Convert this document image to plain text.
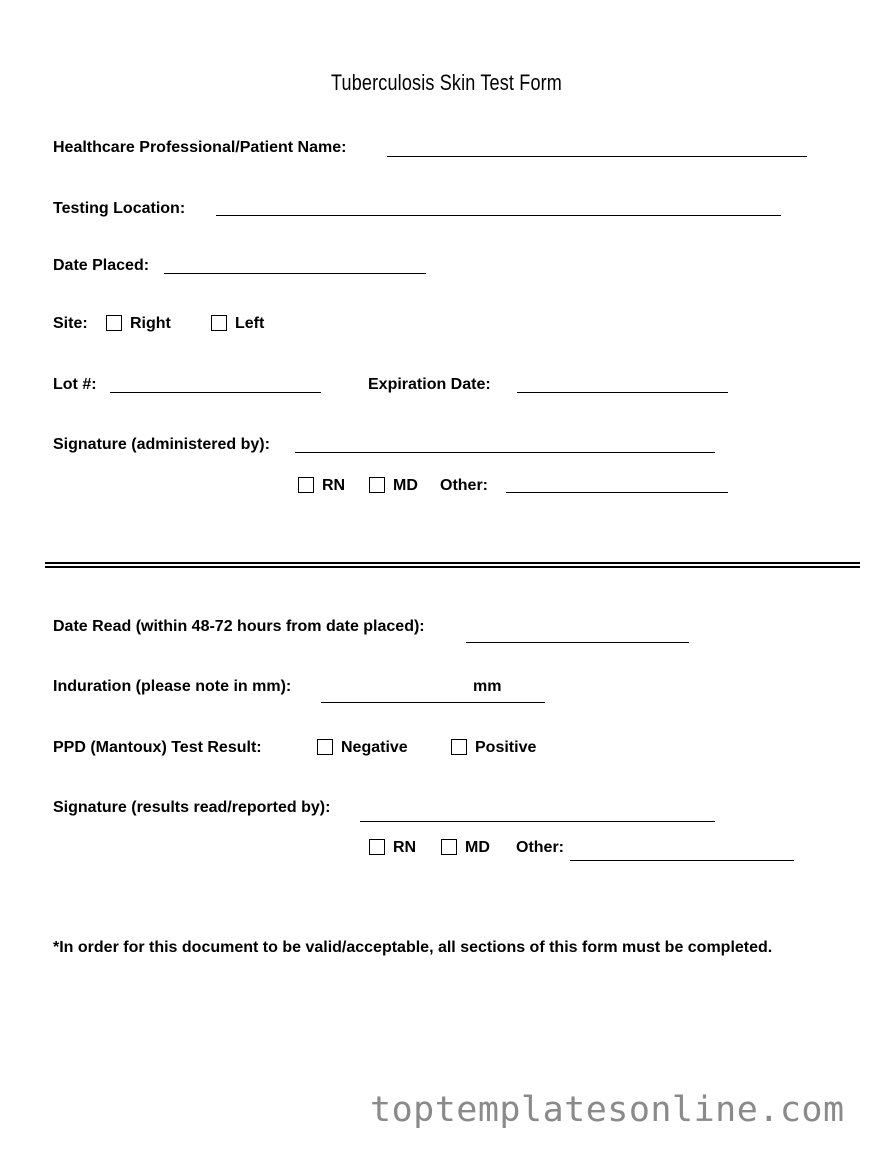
Tuberculosis Skin Test Form
Healthcare Professional/Patient Name:
Testing Location:
Date Placed:
Site:	Right	Left
Lot #:	Expiration Date:
Signature (administered by):
RN	MD Other:
Date Read (within 48-72 hours from date placed):
Induration (please note in mm):	mm
PPD (Mantoux) Test Result:	Negative	Positive
Signature (results read/reported by):
RN	MD Other:
*In order for this document to be valid/acceptable, all sections of this form must be completed.
toptemplatesonline.com
